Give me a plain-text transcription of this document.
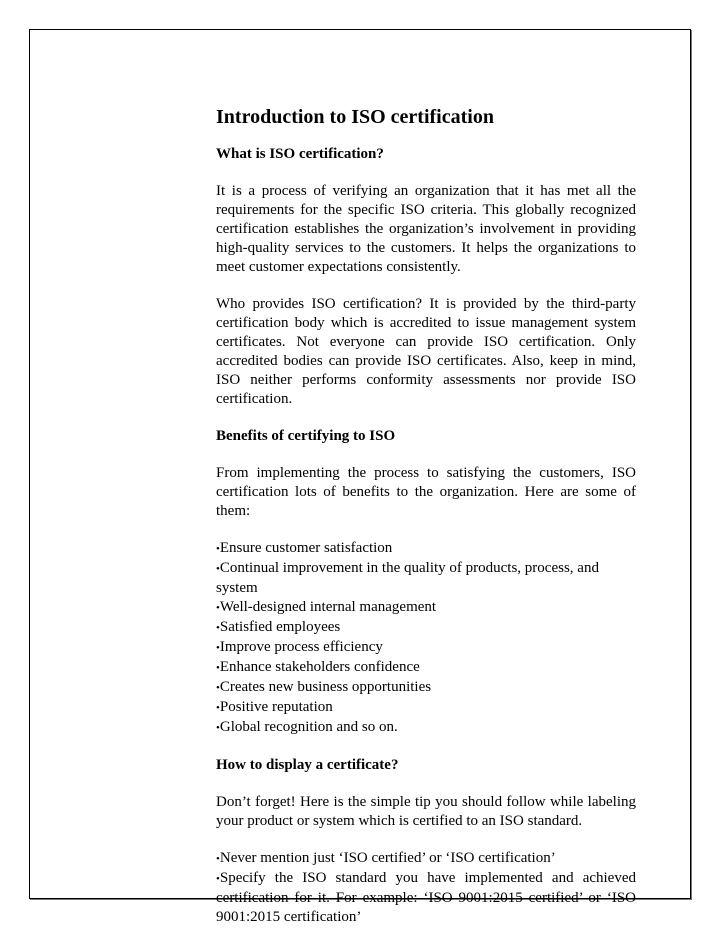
Introduction to ISO certification
What is ISO certification?

It is a process of verifying an organization that it has met all the requirements for the specific ISO criteria. This globally recognized certification establishes the organization’s involvement in providing high-quality services to the customers. It helps the organizations to meet customer expectations consistently.

Who provides ISO certification? It is provided by the third-party certification body which is accredited to issue management system certificates. Not everyone can provide ISO certification. Only accredited bodies can provide ISO certificates. Also, keep in mind, ISO neither performs conformity assessments nor provide ISO certification.

Benefits of certifying to ISO

From implementing the process to satisfying the customers, ISO certification lots of benefits to the organization. Here are some of them:

•Ensure customer satisfaction
•Continual improvement in the quality of products, process, and system
•Well-designed internal management
•Satisfied employees
•Improve process efficiency
•Enhance stakeholders confidence
•Creates new business opportunities
•Positive reputation
•Global recognition and so on.
How to display a certificate?

Don’t forget! Here is the simple tip you should follow while labeling your product or system which is certified to an ISO standard.

•Never mention just ‘ISO certified’ or ‘ISO certification’
•Specify the ISO standard you have implemented and achieved certification for it. For example: ‘ISO 9001:2015 certified’ or ‘ISO 9001:2015 certification’
